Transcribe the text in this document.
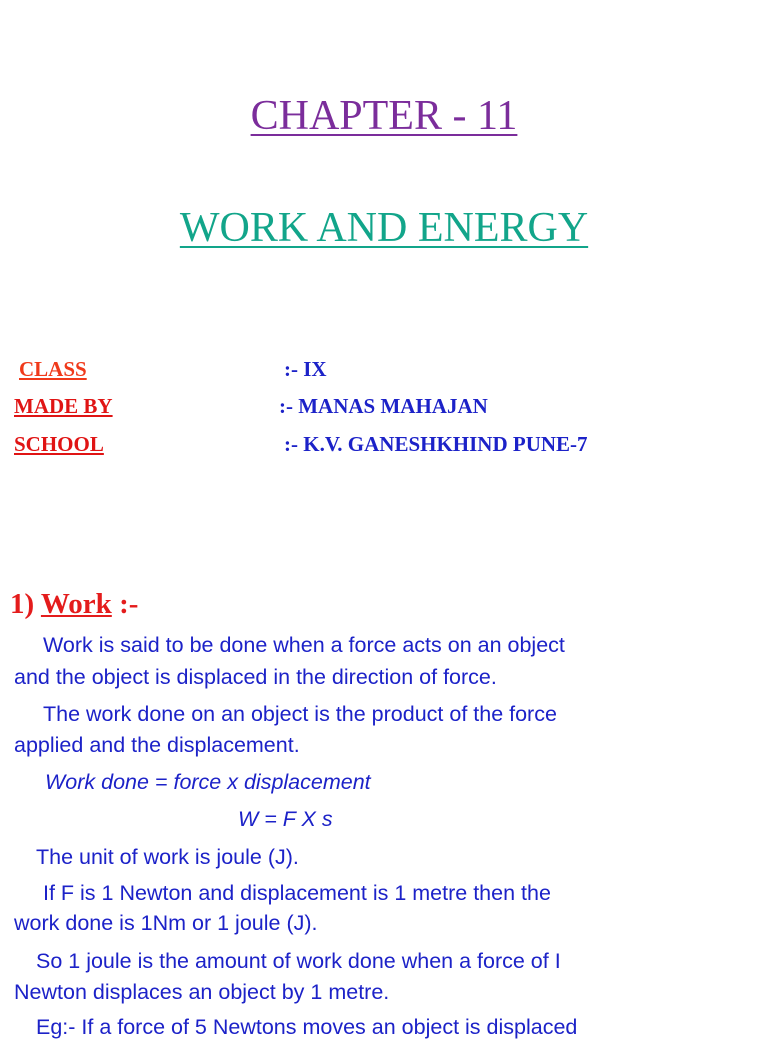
CHAPTER - 11
WORK AND ENERGY
CLASS	:- IX
MADE BY	:- MANAS MAHAJAN
SCHOOL	:- K.V. GANESHKHIND PUNE-7
1) Work :-
Work is said to be done when a force acts on an object
and the object is displaced in the direction of force.
The work done on an object is the product of the force
applied and the displacement.
Work done = force x displacement
W = F X s
The unit of work is joule (J).
If F is 1 Newton and displacement is 1 metre then the
work done is 1Nm or 1 joule (J).
So 1 joule is the amount of work done when a force of I
Newton displaces an object by 1 metre.
Eg:- If a force of 5 Newtons moves an object is displaced
